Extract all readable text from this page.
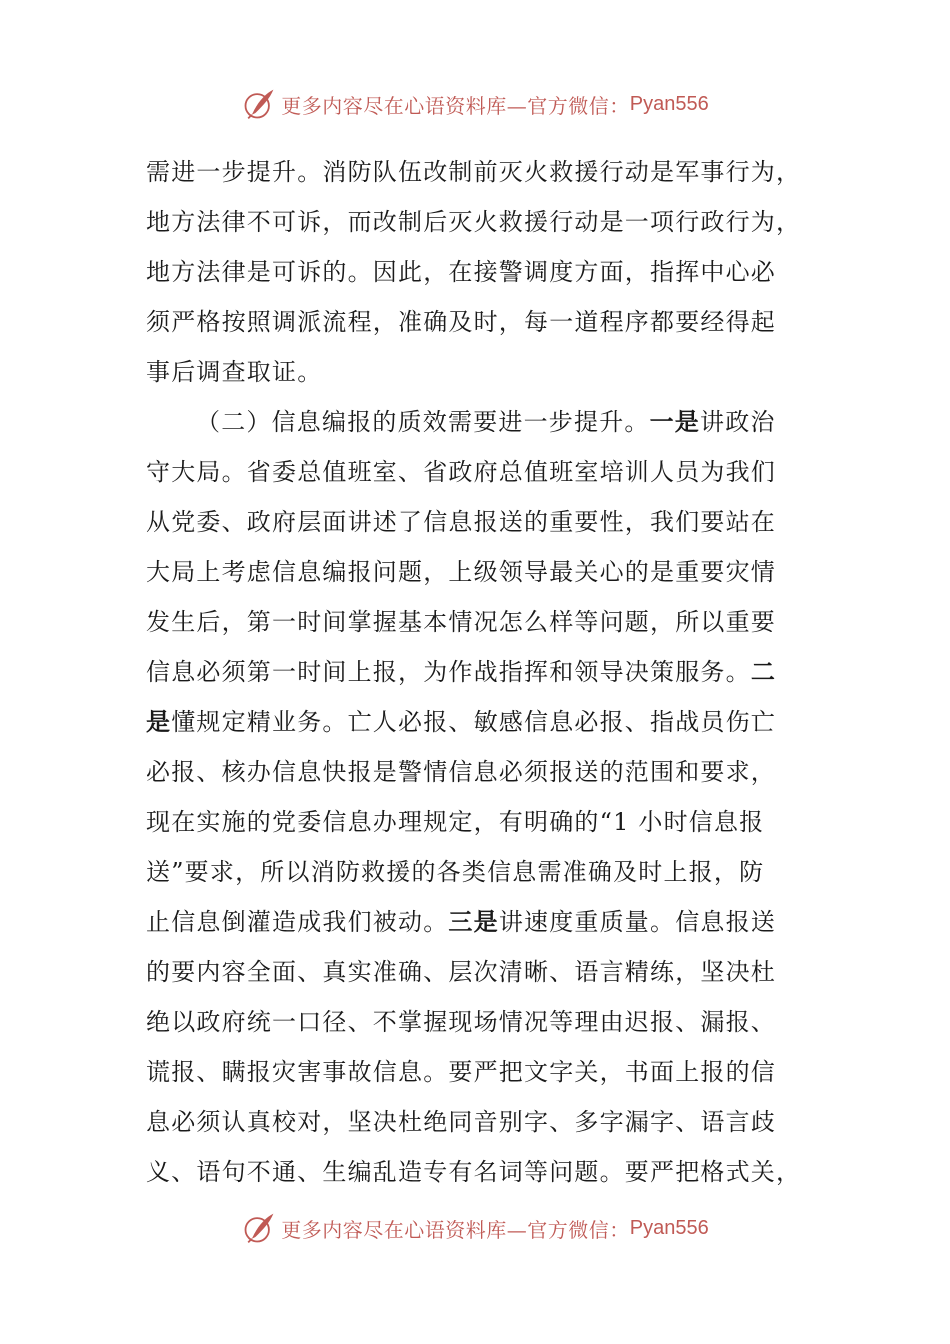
更多内容尽在心语资料库—官方微信： Pyan556
需进一步提升。消防队伍改制前灭火救援行动是军事行为，
地方法律不可诉，而改制后灭火救援行动是一项行政行为，
地方法律是可诉的。因此，在接警调度方面，指挥中心必
须严格按照调派流程，准确及时，每一道程序都要经得起
事后调查取证。
（二）信息编报的质效需要进一步提升。一是讲政治
守大局。省委总值班室、省政府总值班室培训人员为我们
从党委、政府层面讲述了信息报送的重要性，我们要站在
大局上考虑信息编报问题，上级领导最关心的是重要灾情
发生后，第一时间掌握基本情况怎么样等问题，所以重要
信息必须第一时间上报，为作战指挥和领导决策服务。二
是懂规定精业务。亡人必报、敏感信息必报、指战员伤亡
必报、核办信息快报是警情信息必须报送的范围和要求，
现在实施的党委信息办理规定，有明确的“1 小时信息报
送”要求，所以消防救援的各类信息需准确及时上报，防
止信息倒灌造成我们被动。三是讲速度重质量。信息报送
的要内容全面、真实准确、层次清晰、语言精练，坚决杜
绝以政府统一口径、不掌握现场情况等理由迟报、漏报、
谎报、瞒报灾害事故信息。要严把文字关，书面上报的信
息必须认真校对，坚决杜绝同音别字、多字漏字、语言歧
义、语句不通、生编乱造专有名词等问题。要严把格式关，
更多内容尽在心语资料库—官方微信： Pyan556
